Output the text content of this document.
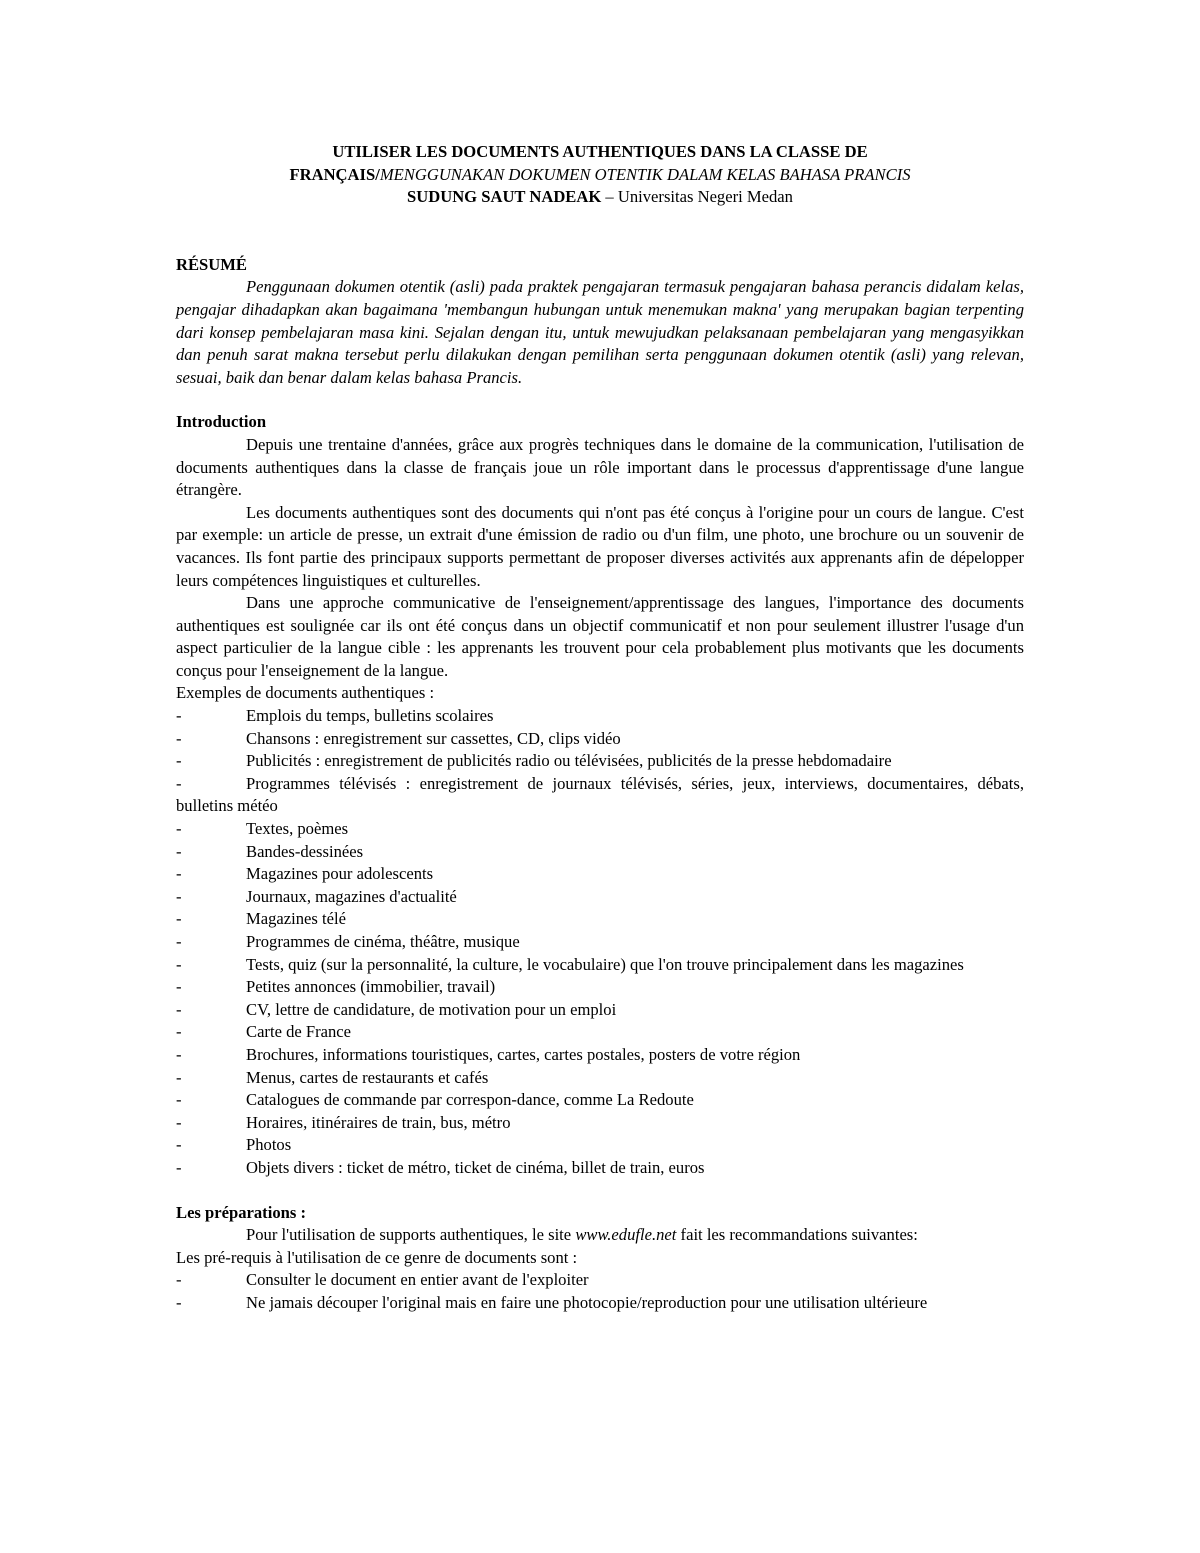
UTILISER LES DOCUMENTS AUTHENTIQUES DANS LA CLASSE DE
FRANÇAIS/MENGGUNAKAN DOKUMEN OTENTIK DALAM KELAS BAHASA PRANCIS
SUDUNG SAUT NADEAK – Universitas Negeri Medan
RÉSUMÉ

Penggunaan dokumen otentik (asli) pada praktek pengajaran termasuk pengajaran bahasa perancis didalam kelas, pengajar dihadapkan akan bagaimana 'membangun hubungan untuk menemukan makna' yang merupakan bagian terpenting dari konsep pembelajaran masa kini. Sejalan dengan itu, untuk mewujudkan pelaksanaan pembelajaran yang mengasyikkan dan penuh sarat makna tersebut perlu dilakukan dengan pemilihan serta penggunaan dokumen otentik (asli) yang relevan, sesuai, baik dan benar dalam kelas bahasa Prancis.

Introduction

Depuis une trentaine d'années, grâce aux progrès techniques dans le domaine de la communication, l'utilisation de documents authentiques dans la classe de français joue un rôle important dans le processus d'apprentissage d'une langue étrangère.

Les documents authentiques sont des documents qui n'ont pas été conçus à l'origine pour un cours de langue. C'est par exemple: un article de presse, un extrait d'une émission de radio ou d'un film, une photo, une brochure ou un souvenir de vacances. Ils font partie des principaux supports permettant de proposer diverses activités aux apprenants afin de dépelopper leurs compétences linguistiques et culturelles.

Dans une approche communicative de l'enseignement/apprentissage des langues, l'importance des documents authentiques est soulignée car ils ont été conçus dans un objectif communicatif et non pour seulement illustrer l'usage d'un aspect particulier de la langue cible : les apprenants les trouvent pour cela probablement plus motivants que les documents conçus pour l'enseignement de la langue.

Exemples de documents authentiques :

-	Emplois du temps, bulletins scolaires
-	Chansons : enregistrement sur cassettes, CD, clips vidéo
-	Publicités : enregistrement de publicités radio ou télévisées, publicités de la presse hebdomadaire
-	Programmes télévisés : enregistrement de journaux télévisés, séries, jeux, interviews, documentaires, débats, bulletins météo
-	Textes, poèmes
-	Bandes-dessinées
-	Magazines pour adolescents
-	Journaux, magazines d'actualité
-	Magazines télé
-	Programmes de cinéma, théâtre, musique
-	Tests, quiz (sur la personnalité, la culture, le vocabulaire) que l'on trouve principalement dans les magazines
-	Petites annonces (immobilier, travail)
-	CV, lettre de candidature, de motivation pour un emploi
-	Carte de France
-	Brochures, informations touristiques, cartes, cartes postales, posters de votre région
-	Menus, cartes de restaurants et cafés
-	Catalogues de commande par correspon-dance, comme La Redoute
-	Horaires, itinéraires de train, bus, métro
-	Photos
-	Objets divers : ticket de métro, ticket de cinéma, billet de train, euros
Les préparations :

Pour l'utilisation de supports authentiques, le site www.edufle.net fait les recommandations suivantes:

Les pré-requis à l'utilisation de ce genre de documents sont :

-	Consulter le document en entier avant de l'exploiter
-	Ne jamais découper l'original mais en faire une photocopie/reproduction pour une utilisation ultérieure
